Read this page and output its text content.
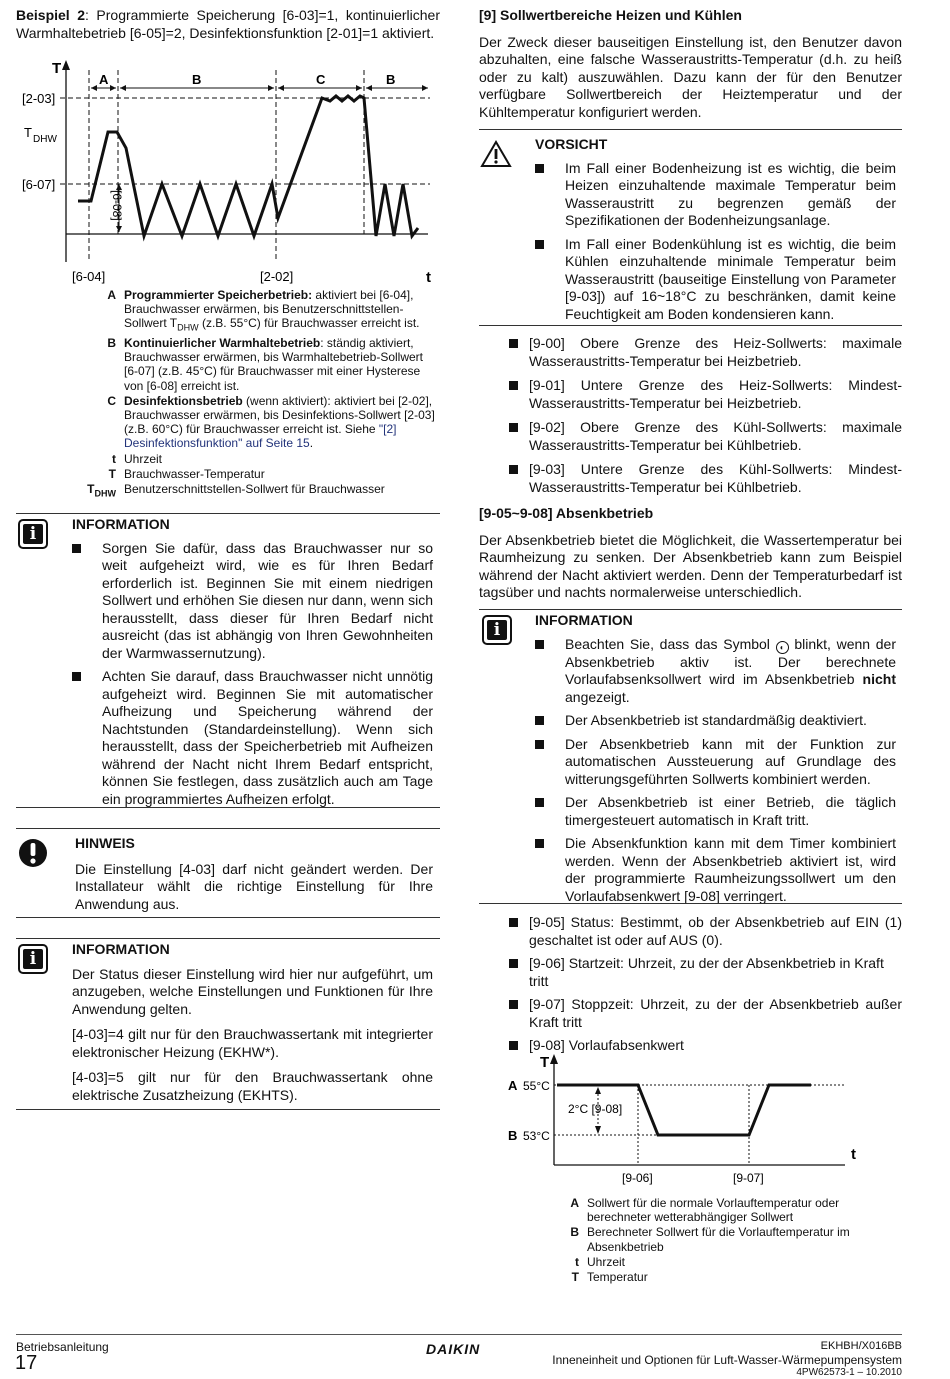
Beispiel 2: Programmierte Speicherung [6-03]=1, kontinuierlicher Warmhaltebetrieb [6-05]=2, Desinfektionsfunktion [2-01]=1 aktiviert.
T
t
[2-03]
T DHW
[6-07]
[6-08]
[6-04]	[2-02]
A	B	C	B
A Programmierter Speicherbetrieb: aktiviert bei [6-04], Brauchwasser erwärmen, bis Benutzerschnittstellen-Sollwert $T_{DHW}$ (z.B. 55°C) für Brauchwasser erreicht ist.
B Kontinuierlicher Warmhaltebetrieb: ständig aktiviert, Brauchwasser erwärmen, bis Warmhaltebetrieb-Sollwert [6-07] (z.B. 45°C) für Brauchwasser mit einer Hysterese von [6-08] erreicht ist.
C Desinfektionsbetrieb (wenn aktiviert): aktiviert bei [2-02], Brauchwasser erwärmen, bis Desinfektions-Sollwert [2-03] (z.B. 60°C) für Brauchwasser erreicht ist. Siehe "[2] Desinfektionsfunktion" auf Seite 15.
t Uhrzeit
T Brauchwasser-Temperatur
$T_{DHW}$ Benutzerschnittstellen-Sollwert für Brauchwasser
i	INFORMATION
Sorgen Sie dafür, dass das Brauchwasser nur so weit aufgeheizt wird, wie es für Ihren Bedarf erforderlich ist. Beginnen Sie mit einem niedrigen Sollwert und erhöhen Sie diesen nur dann, wenn sich herausstellt, dass dieser für Ihren Bedarf nicht ausreicht (das ist abhängig von Ihren Gewohnheiten der Warmwassernutzung).
Achten Sie darauf, dass Brauchwasser nicht unnötig aufgeheizt wird. Beginnen Sie mit automatischer Aufheizung und Speicherung während der Nachtstunden (Standardeinstellung). Wenn sich herausstellt, dass der Speicherbetrieb mit Aufheizen während der Nacht nicht Ihrem Bedarf entspricht, können Sie festlegen, dass zusätzlich auch am Tage ein programmiertes Aufheizen erfolgt.
HINWEIS
Die Einstellung [4-03] darf nicht geändert werden. Der Installateur wählt die richtige Einstellung für Ihre Anwendung aus.
i	INFORMATION
Der Status dieser Einstellung wird hier nur aufgeführt, um anzugeben, welche Einstellungen und Funktionen für Ihre Anwendung gelten.
[4-03]=4 gilt nur für den Brauchwassertank mit integrierter elektronischer Heizung (EKHW*).
[4-03]=5 gilt nur für den Brauchwassertank ohne elektrische Zusatzheizung (EKHTS).
[9] Sollwertbereiche Heizen und Kühlen
Der Zweck dieser bauseitigen Einstellung ist, den Benutzer davon abzuhalten, eine falsche Wasseraustritts-Temperatur (d.h. zu heiß oder zu kalt) auszuwählen. Dazu kann der für den Benutzer verfügbare Sollwertbereich der Heiztemperatur und der Kühltemperatur konfiguriert werden.
VORSICHT
Im Fall einer Bodenheizung ist es wichtig, die beim Heizen einzuhaltende maximale Temperatur beim Wasseraustritt zu begrenzen gemäß der Spezifikationen der Bodenheizungsanlage.
Im Fall einer Bodenkühlung ist es wichtig, die beim Kühlen einzuhaltende minimale Temperatur beim Wasseraustritt (bauseitige Einstellung von Parameter [9-03]) auf 16~18°C zu beschränken, damit keine Feuchtigkeit am Boden kondensieren kann.
[9-00] Obere Grenze des Heiz-Sollwerts: maximale Wasseraustritts-Temperatur bei Heizbetrieb.
[9-01] Untere Grenze des Heiz-Sollwerts: Mindest-Wasseraustritts-Temperatur bei Heizbetrieb.
[9-02] Obere Grenze des Kühl-Sollwerts: maximale Wasseraustritts-Temperatur bei Kühlbetrieb.
[9-03] Untere Grenze des Kühl-Sollwerts: Mindest-Wasseraustritts-Temperatur bei Kühlbetrieb.
[9-05~9-08] Absenkbetrieb
Der Absenkbetrieb bietet die Möglichkeit, die Wassertemperatur bei Raumheizung zu senken. Der Absenkbetrieb kann zum Beispiel während der Nacht aktiviert werden. Denn der Temperaturbedarf ist tagsüber und nachts normalerweise unterschiedlich.
i	INFORMATION
Beachten Sie, dass das Symbol ◐ blinkt, wenn der Absenkbetrieb aktiv ist. Der berechnete Vorlaufabsenksollwert wird im Absenkbetrieb nicht angezeigt.
Der Absenkbetrieb ist standardmäßig deaktiviert.
Der Absenkbetrieb kann mit der Funktion zur automatischen Aussteuerung auf Grundlage des witterungsgeführten Sollwerts kombiniert werden.
Der Absenkbetrieb ist einer Betrieb, die täglich timergesteuert automatisch in Kraft tritt.
Die Absenkfunktion kann mit dem Timer kombiniert werden. Wenn der Absenkbetrieb aktiviert ist, wird der programmierte Raumheizungssollwert um den Vorlaufabsenkwert [9-08] verringert.
[9-05] Status: Bestimmt, ob der Absenkbetrieb auf EIN (1) geschaltet ist oder auf AUS (0).
[9-06] Startzeit: Uhrzeit, zu der der Absenkbetrieb in Kraft tritt
[9-07] Stoppzeit: Uhrzeit, zu der der Absenkbetrieb außer Kraft tritt
[9-08] Vorlaufabsenkwert
T
t
A 55°C
B 53°C
2°C [9-08]
[9-06]	[9-07]
A Sollwert für die normale Vorlauftemperatur oder berechneter wetterabhängiger Sollwert
B Berechneter Sollwert für die Vorlauftemperatur im Absenkbetrieb
t Uhrzeit
T Temperatur
Betriebsanleitung
17
DAIKIN	EKHBH/X016BB
Inneneinheit und Optionen für Luft-Wasser-Wärmepumpensystem
4PW62573-1 – 10.2010
